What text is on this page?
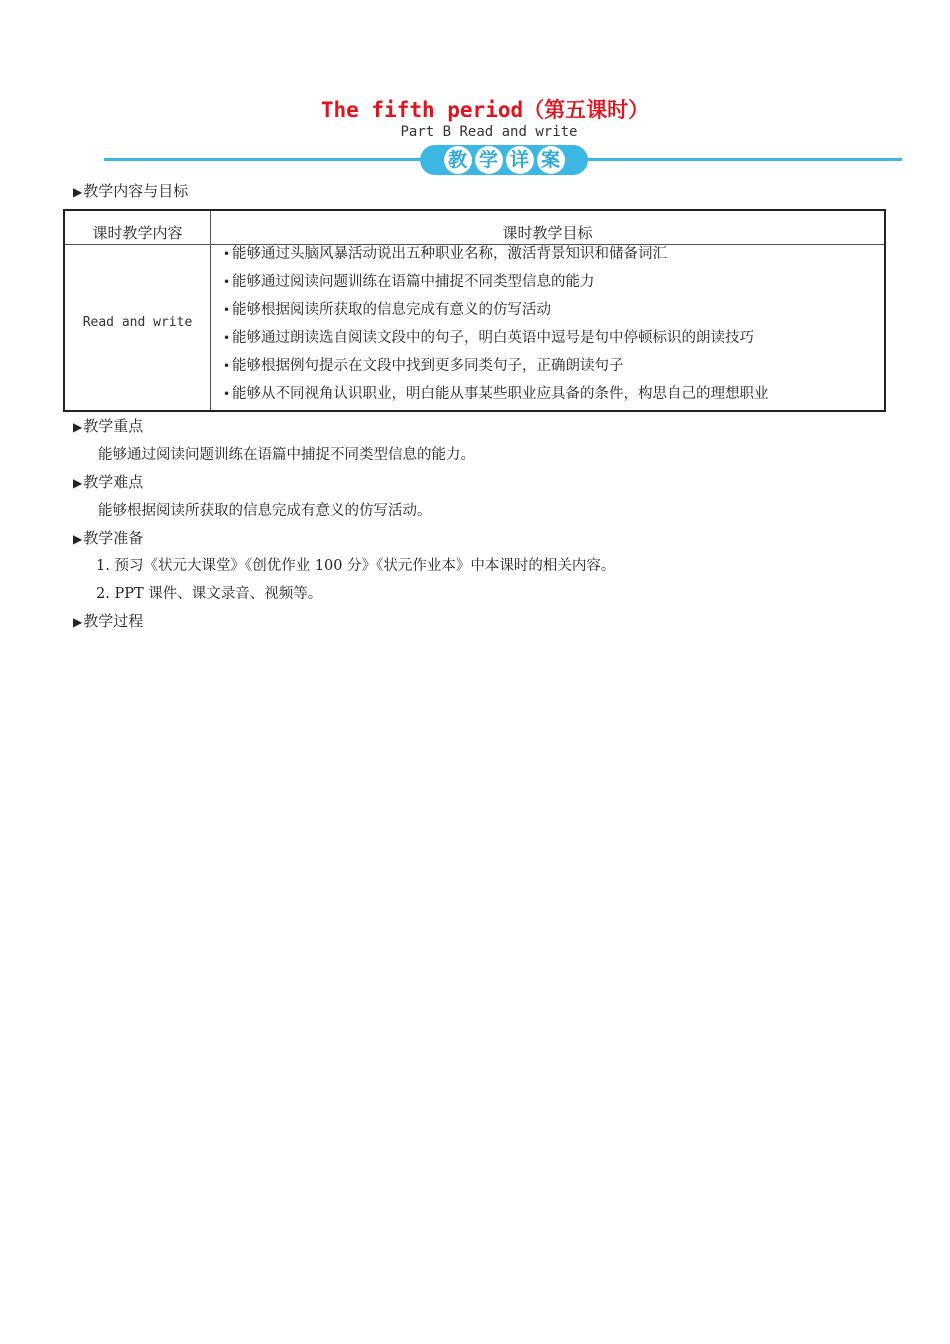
The fifth period（第五课时）
Part B Read and write
教 学 详 案
▶教学内容与目标
课时教学内容	课时教学目标
Read and write
• 能够通过头脑风暴活动说出五种职业名称，激活背景知识和储备词汇
• 能够通过阅读问题训练在语篇中捕捉不同类型信息的能力
• 能够根据阅读所获取的信息完成有意义的仿写活动
• 能够通过朗读选自阅读文段中的句子，明白英语中逗号是句中停顿标识的朗读技巧
• 能够根据例句提示在文段中找到更多同类句子，正确朗读句子
• 能够从不同视角认识职业，明白能从事某些职业应具备的条件，构思自己的理想职业
▶教学重点
能够通过阅读问题训练在语篇中捕捉不同类型信息的能力。
▶教学难点
能够根据阅读所获取的信息完成有意义的仿写活动。
▶教学准备
1. 预习《状元大课堂》《创优作业 100 分》《状元作业本》中本课时的相关内容。
2. PPT 课件、课文录音、视频等。
▶教学过程
